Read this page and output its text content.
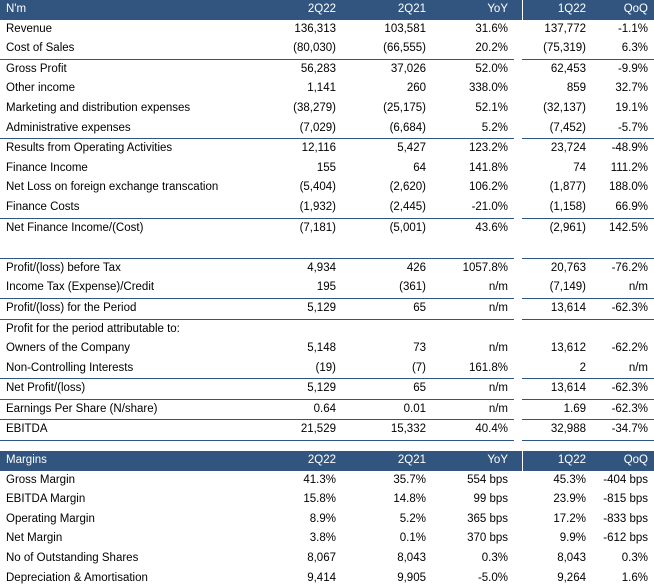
N'm	2Q22	2Q21	YoY		1Q22	QoQ
Revenue	136,313	103,581	31.6%		137,772	-1.1%
Cost of Sales	(80,030)	(66,555)	20.2%		(75,319)	6.3%
Gross Profit	56,283	37,026	52.0%		62,453	-9.9%
Other income	1,141	260	338.0%		859	32.7%
Marketing and distribution expenses	(38,279)	(25,175)	52.1%		(32,137)	19.1%
Administrative expenses	(7,029)	(6,684)	5.2%		(7,452)	-5.7%
Results from Operating Activities	12,116	5,427	123.2%		23,724	-48.9%
Finance Income	155	64	141.8%		74	111.2%
Net Loss on foreign exchange transcation	(5,404)	(2,620)	106.2%		(1,877)	188.0%
Finance Costs	(1,932)	(2,445)	-21.0%		(1,158)	66.9%
Net Finance Income/(Cost)	(7,181)	(5,001)	43.6%		(2,961)	142.5%

Profit/(loss) before Tax	4,934	426	1057.8%		20,763	-76.2%
Income Tax (Expense)/Credit	195	(361)	n/m		(7,149)	n/m
Profit/(loss) for the Period	5,129	65	n/m		13,614	-62.3%
Profit for the period attributable to:						
Owners of the Company	5,148	73	n/m		13,612	-62.2%
Non-Controlling Interests	(19)	(7)	161.8%		2	n/m
Net Profit/(loss)	5,129	65	n/m		13,614	-62.3%
Earnings Per Share (N/share)	0.64	0.01	n/m		1.69	-62.3%
EBITDA	21,529	15,332	40.4%		32,988	-34.7%
Margins	2Q22	2Q21	YoY		1Q22	QoQ
Gross Margin	41.3%	35.7%	554 bps		45.3%	-404 bps
EBITDA Margin	15.8%	14.8%	99 bps		23.9%	-815 bps
Operating Margin	8.9%	5.2%	365 bps		17.2%	-833 bps
Net Margin	3.8%	0.1%	370 bps		9.9%	-612 bps
No of Outstanding Shares	8,067	8,043	0.3%		8,043	0.3%
Depreciation & Amortisation	9,414	9,905	-5.0%		9,264	1.6%
